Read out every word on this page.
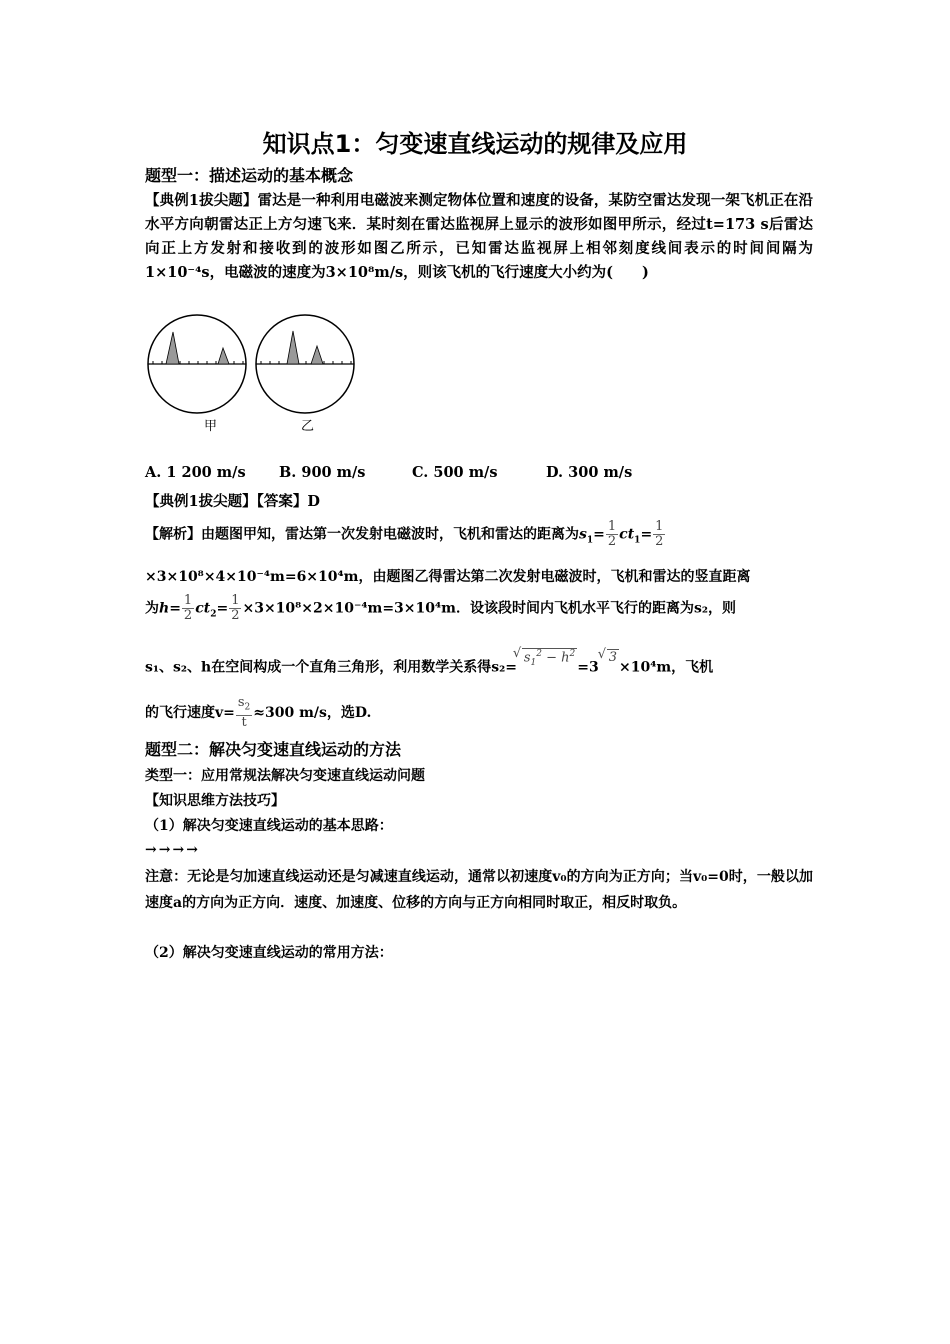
知识点1：匀变速直线运动的规律及应用
题型一：描述运动的基本概念
【典例1拔尖题】雷达是一种利用电磁波来测定物体位置和速度的设备，某防空雷达发现一架飞机正在沿水平方向朝雷达正上方匀速飞来．某时刻在雷达监视屏上显示的波形如图甲所示，经过t=173 s后雷达向正上方发射和接收到的波形如图乙所示，已知雷达监视屏上相邻刻度线间表示的时间间隔为1×10⁻⁴s，电磁波的速度为3×10⁸m/s，则该飞机的飞行速度大小约为(　　)
甲	乙
A. 1 200 m/s B. 900 m/s	C. 500 m/s	D. 300 m/s
【典例1拔尖题】【答案】D
【解析】由题图甲知，雷达第一次发射电磁波时，飞机和雷达的距离为$s_1= \frac{1}{2} ct_1= \frac{1}{2}$
×3×10⁸×4×10⁻⁴m=6×10⁴m，由题图乙得雷达第二次发射电磁波时，飞机和雷达的竖直距离
为$h= \frac{1}{2} ct_2= \frac{1}{2} \times 3\times 10^8\times 2\times 10^{-4}m=3\times 10^4m$．设该段时间内飞机水平飞行的距离为s₂，则
s₁、s₂、h在空间构成一个直角三角形，利用数学关系得s₂= √ $s_1^2 - h^2=3√$ 3×10⁴m，飞机
的飞行速度$v= \frac{s_2}{t} \approx 300$ m/s，选D.
题型二：解决匀变速直线运动的方法
类型一：应用常规法解决匀变速直线运动问题
【知识思维方法技巧】
（1）解决匀变速直线运动的基本思路：
→→→→
注意：无论是匀加速直线运动还是匀减速直线运动，通常以初速度v₀的方向为正方向；当v₀=0时，一般以加速度a的方向为正方向．速度、加速度、位移的方向与正方向相同时取正，相反时取负。
（2）解决匀变速直线运动的常用方法：
